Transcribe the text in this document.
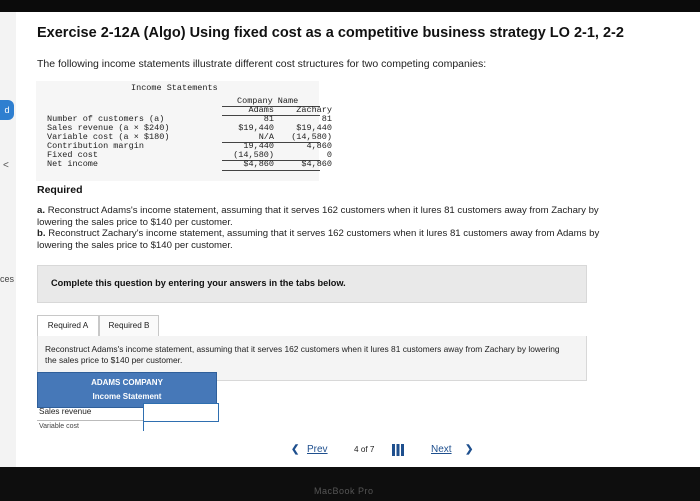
d
<
ces
Exercise 2-12A (Algo) Using fixed cost as a competitive business strategy LO 2-1, 2-2
The following income statements illustrate different cost structures for two competing companies:
Income Statements
Company Name
Adams	Zachary
Number of customers (a)	81	81
Sales revenue (a × $240)	$19,440	$19,440
Variable cost (a × $180)	N/A	(14,580)
Contribution margin	19,440	4,860
Fixed cost	(14,580)	0
Net income	$4,860	$4,860
Required
a. Reconstruct Adams's income statement, assuming that it serves 162 customers when it lures 81 customers away from Zachary by lowering the sales price to $140 per customer.
b. Reconstruct Zachary's income statement, assuming that it serves 162 customers when it lures 81 customers away from Adams by lowering the sales price to $140 per customer.
Complete this question by entering your answers in the tabs below.
Required A	Required B
Reconstruct Adams's income statement, assuming that it serves 162 customers when it lures 81 customers away from Zachary by lowering the sales price to $140 per customer.
ADAMS COMPANY
Income Statement
Sales revenue
Variable cost
❮ Prev	4 of 7	Next ❯
MacBook Pro
